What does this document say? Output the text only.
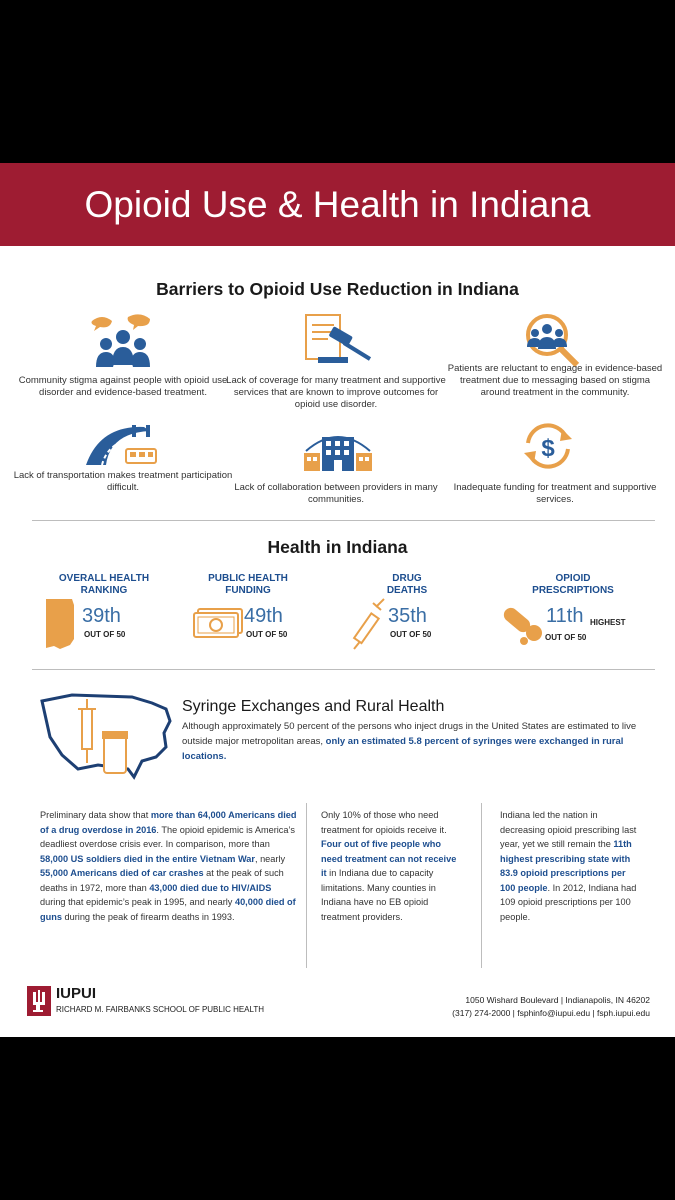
Opioid Use & Health in Indiana
Barriers to Opioid Use Reduction in Indiana
Community stigma against people with opioid use disorder and evidence-based treatment.
Lack of coverage for many treatment and supportive services that are known to improve outcomes for opioid use disorder.
Patients are reluctant to engage in evidence-based treatment due to messaging based on stigma around treatment in the community.
$
Lack of transportation makes treatment participation difficult.	Lack of collaboration between providers in many communities.
Inadequate funding for treatment and supportive services.
Health in Indiana
OVERALL HEALTH
RANKING
39th
OUT OF 50
PUBLIC HEALTH
FUNDING
49th
OUT OF 50
DRUG
DEATHS
35th
OUT OF 50
OPIOID
PRESCRIPTIONS
11th HIGHEST
OUT OF 50
Syringe Exchanges and Rural Health
Although approximately 50 percent of the persons who inject drugs in the United States are estimated to live outside major metropolitan areas, only an estimated 5.8 percent of syringes were exchanged in rural locations.
Preliminary data show that more than 64,000 Americans died of a drug overdose in 2016. The opioid epidemic is America’s deadliest overdose crisis ever. In comparison, more than 58,000 US soldiers died in the entire Vietnam War, nearly 55,000 Americans died of car crashes at the peak of such deaths in 1972, more than 43,000 died due to HIV/AIDS during that epidemic’s peak in 1995, and nearly 40,000 died of guns during the peak of firearm deaths in 1993.
Only 10% of those who need treatment for opioids receive it. Four out of five people who need treatment can not receive it in Indiana due to capacity limitations. Many counties in Indiana have no EB opioid treatment providers.
Indiana led the nation in decreasing opioid prescribing last year, yet we still remain the 11th highest prescribing state with 83.9 opioid prescriptions per 100 people. In 2012, Indiana had 109 opioid prescriptions per 100 people.
IUPUI
RICHARD M. FAIRBANKS SCHOOL OF PUBLIC HEALTH
1050 Wishard Boulevard | Indianapolis, IN 46202
(317) 274-2000 | fsphinfo@iupui.edu | fsph.iupui.edu
